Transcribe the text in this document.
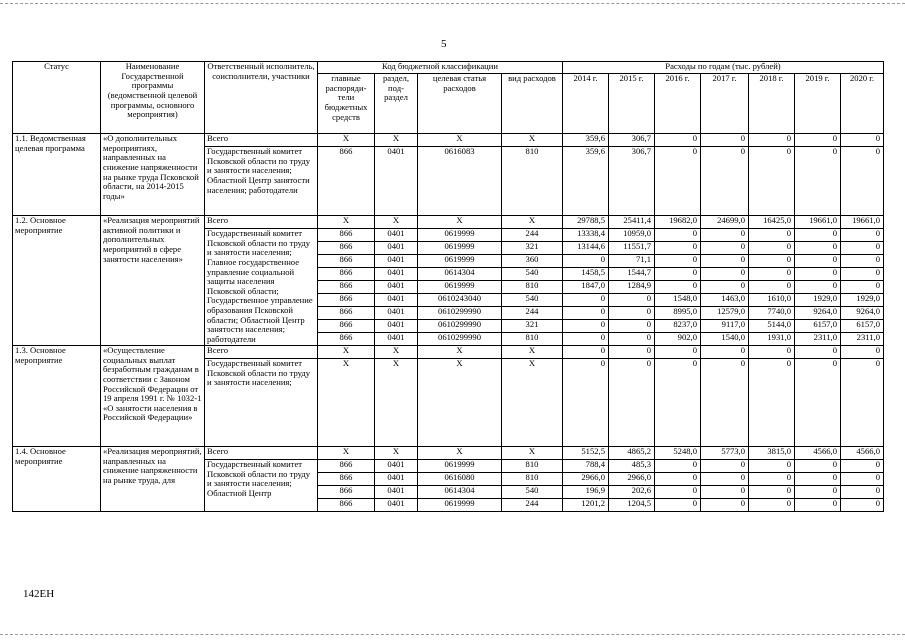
5
Статус	Наименование Государственной программы (ведомственной целевой программы, основного мероприятия)	Ответственный исполнитель, соисполнители, участники	Код бюджетной классификации				Расходы по годам (тыс. рублей)						
			главные распоряди-тели бюджетных средств	раздел, под-раздел	целевая статья расходов	вид расходов	2014 г.	2015 г.	2016 г.	2017 г.	2018 г.	2019 г.	2020 г.
1.1. Ведомственная целевая программа	«О дополнительных мероприятиях, направленных на снижение напряженности на рынке труда Псковской области, на 2014-2015 годы»	Всего	X	X	X	X	359,6	306,7	0	0	0	0	0
		Государственный комитет Псковской области по труду и занятости населения; Областной Центр занятости населения; работодатели	866	0401	0616083	810	359,6	306,7	0	0	0	0	0
1.2. Основное мероприятие	«Реализация мероприятий активной политики и дополнительных мероприятий в сфере занятости населения»	Всего	X	X	X	X	29788,5	25411,4	19682,0	24699,0	16425,0	19661,0	19661,0
		Государственный комитет Псковской области по труду и занятости населения; Главное государственное управление социальной защиты населения Псковской области; Государственное управление образования Псковской области; Областной Центр занятости населения; работодатели	866	0401	0619999	244	13338,4	10959,0	0	0	0	0	0
			866	0401	0619999	321	13144,6	11551,7	0	0	0	0	0
			866	0401	0619999	360	0	71,1	0	0	0	0	0
			866	0401	0614304	540	1458,5	1544,7	0	0	0	0	0
			866	0401	0619999	810	1847,0	1284,9	0	0	0	0	0
			866	0401	0610243040	540	0	0	1548,0	1463,0	1610,0	1929,0	1929,0
			866	0401	0610299990	244	0	0	8995,0	12579,0	7740,0	9264,0	9264,0
			866	0401	0610299990	321	0	0	8237,0	9117,0	5144,0	6157,0	6157,0
			866	0401	0610299990	810	0	0	902,0	1540,0	1931,0	2311,0	2311,0
1.3. Основное мероприятие	«Осуществление социальных выплат безработным гражданам в соответствии с Законом Российской Федерации от 19 апреля 1991 г. № 1032-1 «О занятости населения в Российской Федерации»	Всего	X	X	X	X	0	0	0	0	0	0	0
		Государственный комитет Псковской области по труду и занятости населения;	X	X	X	X	0	0	0	0	0	0	0
1.4. Основное мероприятие	«Реализация мероприятий, направленных на снижение напряженности на рынке труда, для	Всего	X	X	X	X	5152,5	4865,2	5248,0	5773,0	3815,0	4566,0	4566,0
		Государственный комитет Псковской области по труду и занятости населения; Областной Центр	866	0401	0619999	810	788,4	485,3	0	0	0	0	0
			866	0401	0616080	810	2966,0	2966,0	0	0	0	0	0
			866	0401	0614304	540	196,9	202,6	0	0	0	0	0
			866	0401	0619999	244	1201,2	1204,5	0	0	0	0	0
142ЕН
